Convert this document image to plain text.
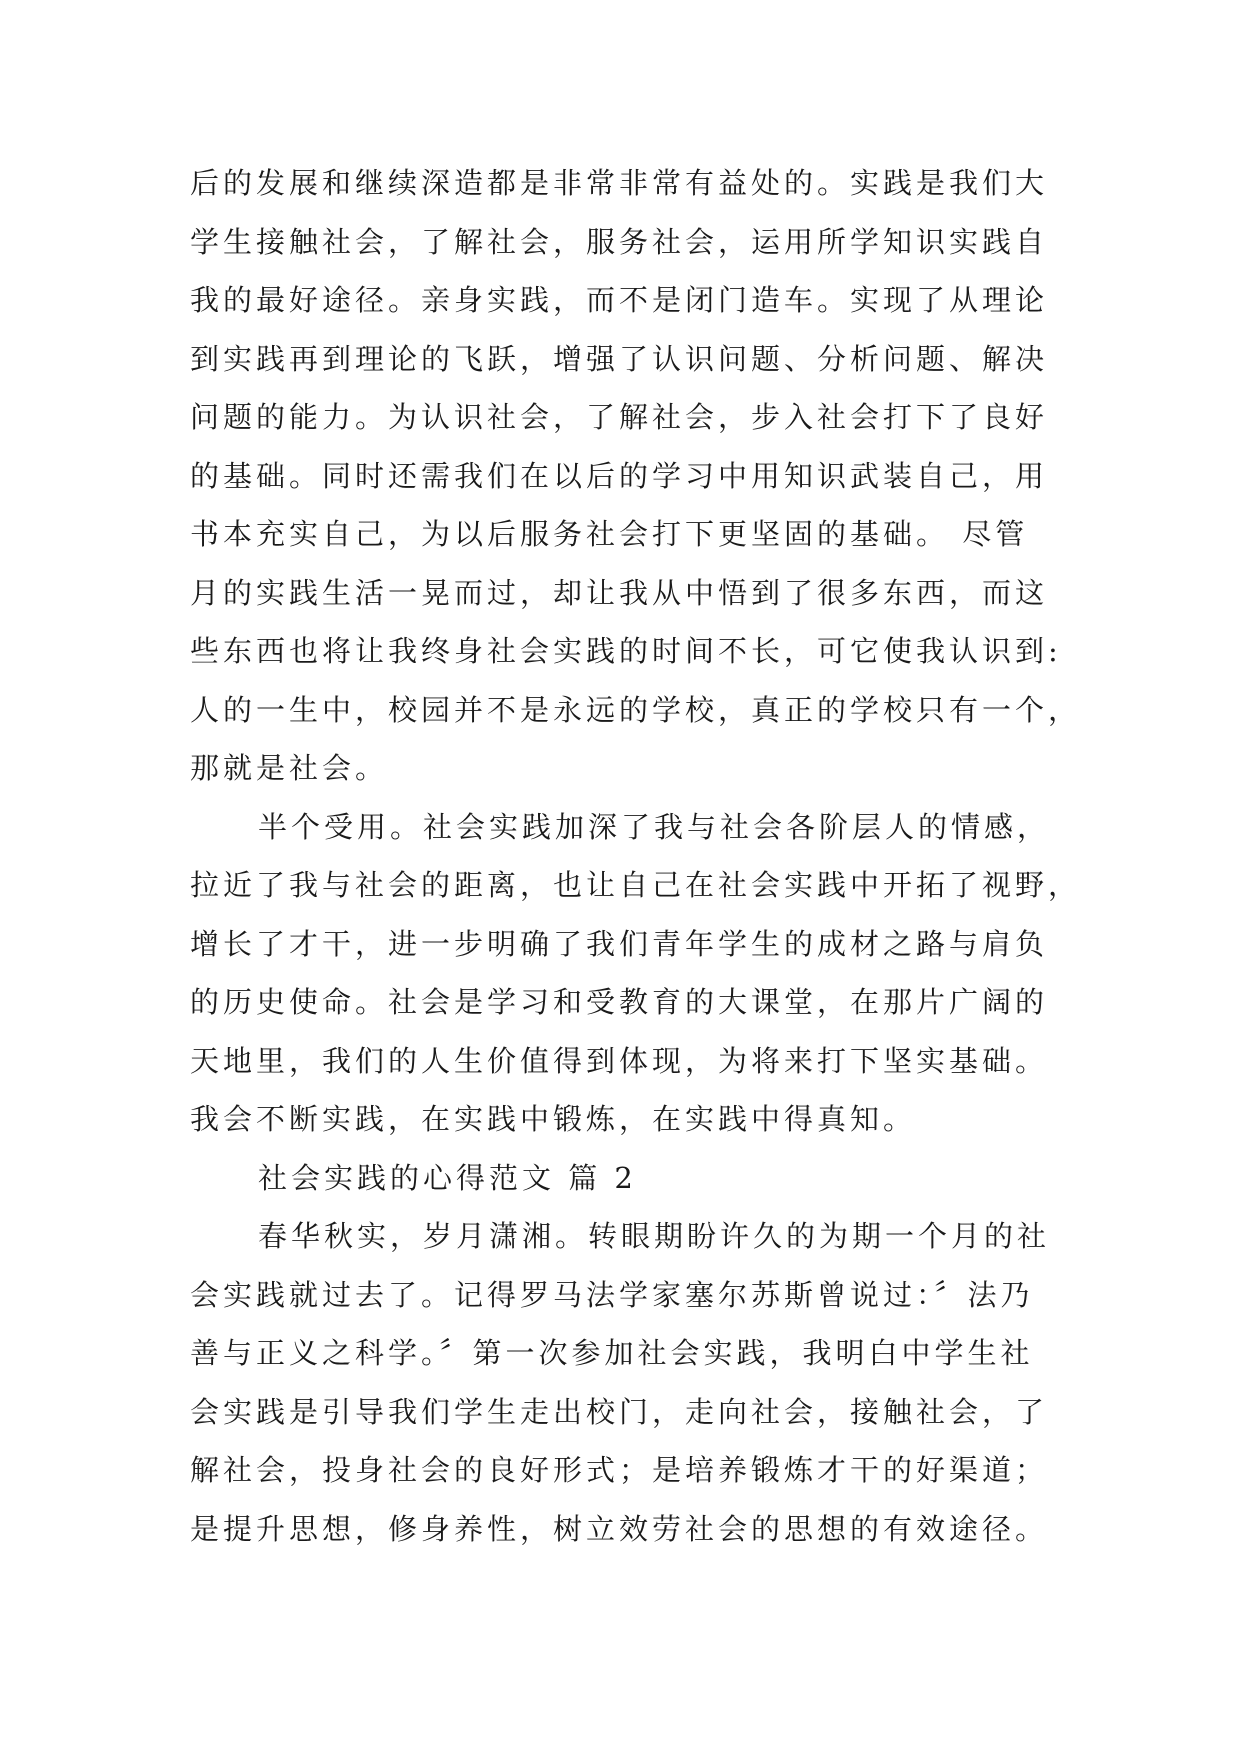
后的发展和继续深造都是非常非常有益处的。实践是我们大
学生接触社会，了解社会，服务社会，运用所学知识实践自
我的最好途径。亲身实践，而不是闭门造车。实现了从理论
到实践再到理论的飞跃，增强了认识问题、分析问题、解决
问题的能力。为认识社会，了解社会，步入社会打下了良好
的基础。同时还需我们在以后的学习中用知识武装自己，用
书本充实自己，为以后服务社会打下更坚固的基础。 尽管
月的实践生活一晃而过，却让我从中悟到了很多东西，而这
些东西也将让我终身社会实践的时间不长，可它使我认识到:
人的一生中，校园并不是永远的学校，真正的学校只有一个，
那就是社会。
半个受用。社会实践加深了我与社会各阶层人的情感，
拉近了我与社会的距离，也让自己在社会实践中开拓了视野，
增长了才干，进一步明确了我们青年学生的成材之路与肩负
的历史使命。社会是学习和受教育的大课堂，在那片广阔的
天地里，我们的人生价值得到体现，为将来打下坚实基础。
我会不断实践，在实践中锻炼，在实践中得真知。
社会实践的心得范文 篇 2
春华秋实，岁月潇湘。转眼期盼许久的为期一个月的社
会实践就过去了。记得罗马法学家塞尔苏斯曾说过：〞法乃
善与正义之科学。〞第一次参加社会实践，我明白中学生社
会实践是引导我们学生走出校门，走向社会，接触社会，了
解社会，投身社会的良好形式；是培养锻炼才干的好渠道；
是提升思想，修身养性，树立效劳社会的思想的有效途径。
